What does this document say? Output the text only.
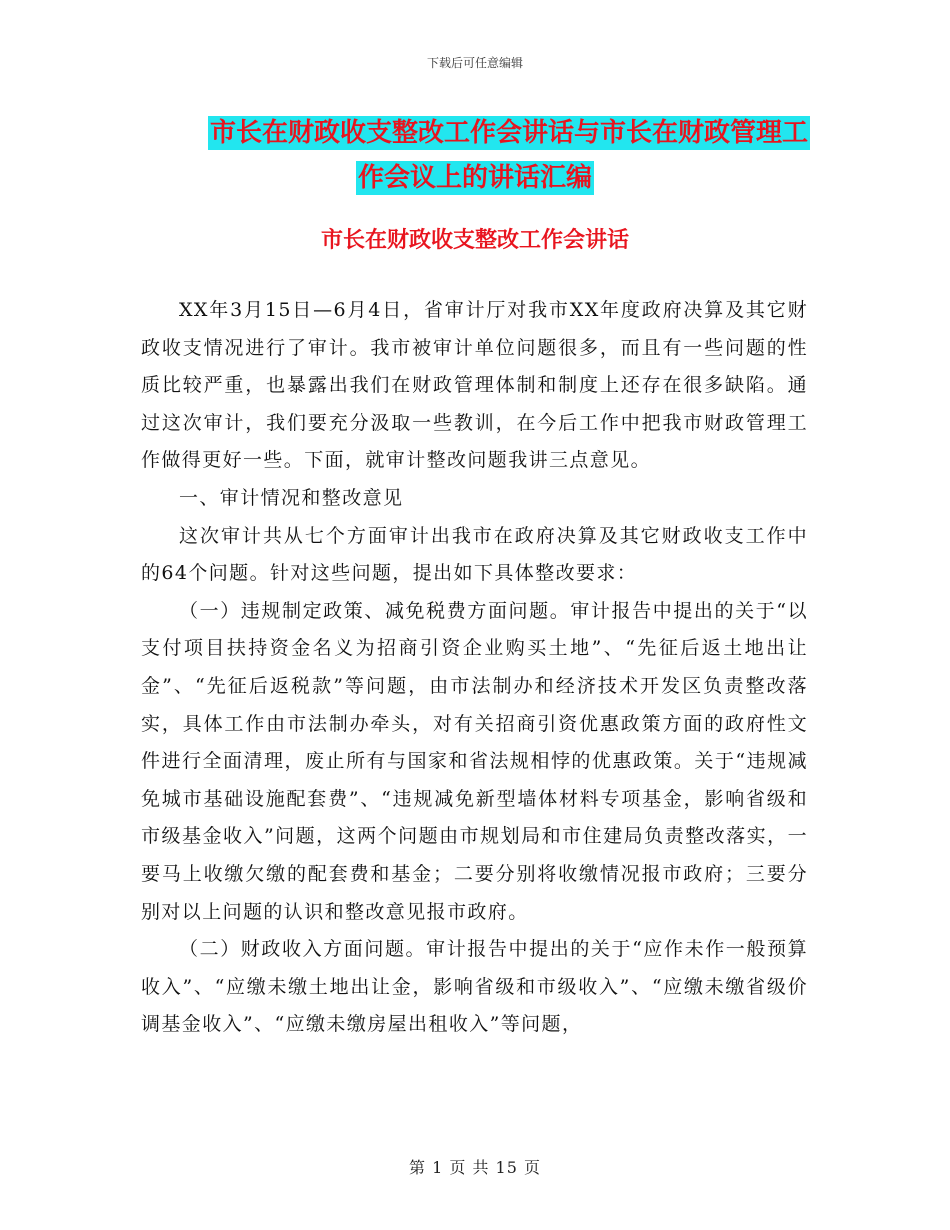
下载后可任意编辑
市长在财政收支整改工作会讲话与市长在财政管理工
作会议上的讲话汇编
市长在财政收支整改工作会讲话

XX年3月15日—6月4日，省审计厅对我市XX年度政府决算及其它财政收支情况进行了审计。我市被审计单位问题很多，而且有一些问题的性质比较严重，也暴露出我们在财政管理体制和制度上还存在很多缺陷。通过这次审计，我们要充分汲取一些教训，在今后工作中把我市财政管理工作做得更好一些。下面，就审计整改问题我讲三点意见。

一、审计情况和整改意见

这次审计共从七个方面审计出我市在政府决算及其它财政收支工作中的64个问题。针对这些问题，提出如下具体整改要求：

（一）违规制定政策、减免税费方面问题。审计报告中提出的关于“以支付项目扶持资金名义为招商引资企业购买土地”、“先征后返土地出让金”、“先征后返税款”等问题，由市法制办和经济技术开发区负责整改落实，具体工作由市法制办牵头，对有关招商引资优惠政策方面的政府性文件进行全面清理，废止所有与国家和省法规相悖的优惠政策。关于“违规减免城市基础设施配套费”、“违规减免新型墙体材料专项基金，影响省级和市级基金收入”问题，这两个问题由市规划局和市住建局负责整改落实，一要马上收缴欠缴的配套费和基金；二要分别将收缴情况报市政府；三要分别对以上问题的认识和整改意见报市政府。

（二）财政收入方面问题。审计报告中提出的关于“应作未作一般预算收入”、“应缴未缴土地出让金，影响省级和市级收入”、“应缴未缴省级价调基金收入”、“应缴未缴房屋出租收入”等问题，

第 1 页 共 15 页
